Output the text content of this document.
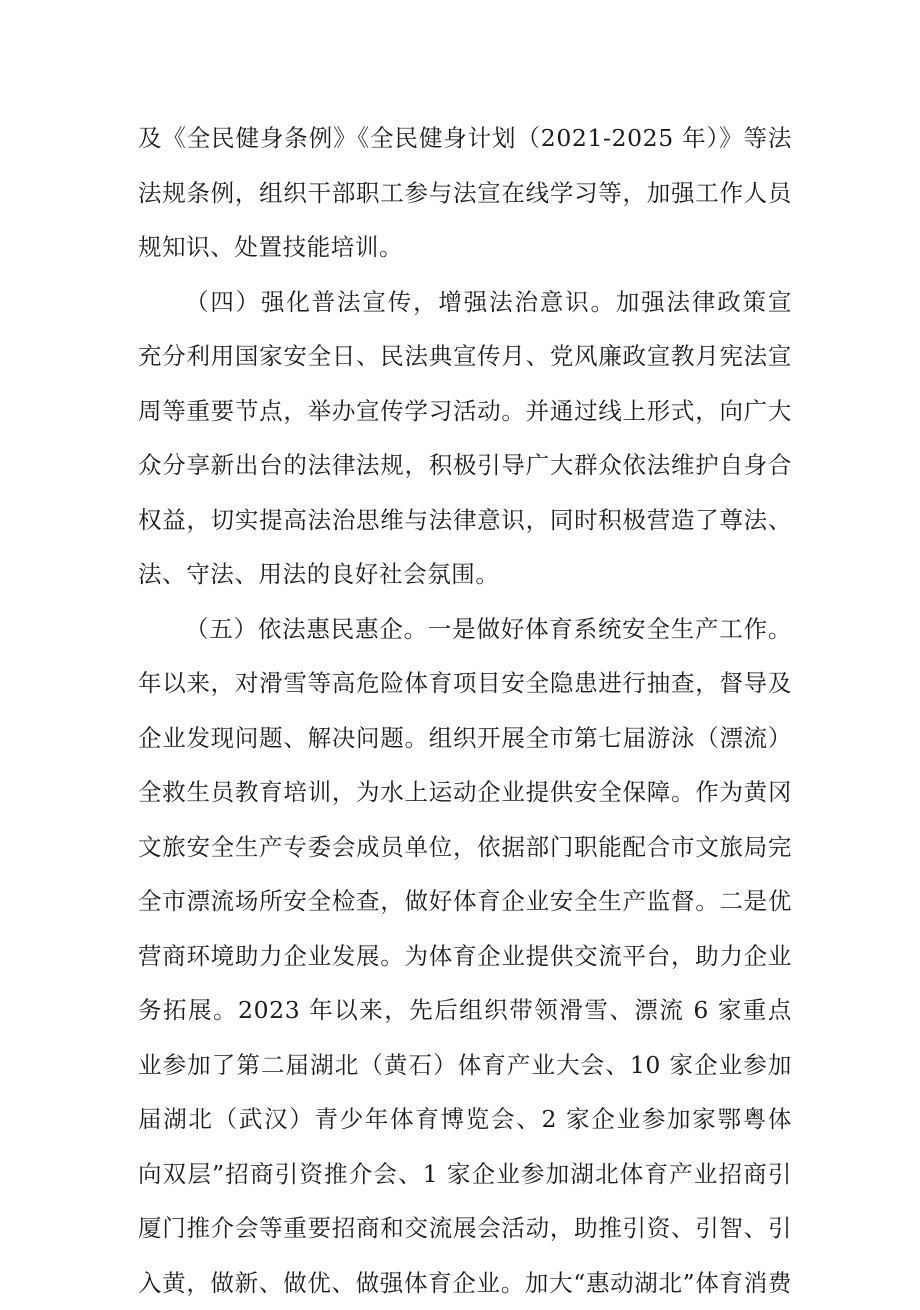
及《全民健身条例》《全民健身计划（2021-2025 年）》等法
法规条例，组织干部职工参与法宣在线学习等，加强工作人员
规知识、处置技能培训。
（四）强化普法宣传，增强法治意识。加强法律政策宣
充分利用国家安全日、民法典宣传月、党风廉政宣教月宪法宣
周等重要节点，举办宣传学习活动。并通过线上形式，向广大
众分享新出台的法律法规，积极引导广大群众依法维护自身合
权益，切实提高法治思维与法律意识，同时积极营造了尊法、
法、守法、用法的良好社会氛围。
（五）依法惠民惠企。一是做好体育系统安全生产工作。
年以来，对滑雪等高危险体育项目安全隐患进行抽查，督导及
企业发现问题、解决问题。组织开展全市第七届游泳（漂流）
全救生员教育培训，为水上运动企业提供安全保障。作为黄冈
文旅安全生产专委会成员单位，依据部门职能配合市文旅局完
全市漂流场所安全检查，做好体育企业安全生产监督。二是优
营商环境助力企业发展。为体育企业提供交流平台，助力企业
务拓展。2023 年以来，先后组织带领滑雪、漂流 6 家重点
业参加了第二届湖北（黄石）体育产业大会、10 家企业参加
届湖北（武汉）青少年体育博览会、2 家企业参加家鄂粤体
向双层”招商引资推介会、1 家企业参加湖北体育产业招商引
厦门推介会等重要招商和交流展会活动，助推引资、引智、引
入黄，做新、做优、做强体育企业。加大“惠动湖北”体育消费
